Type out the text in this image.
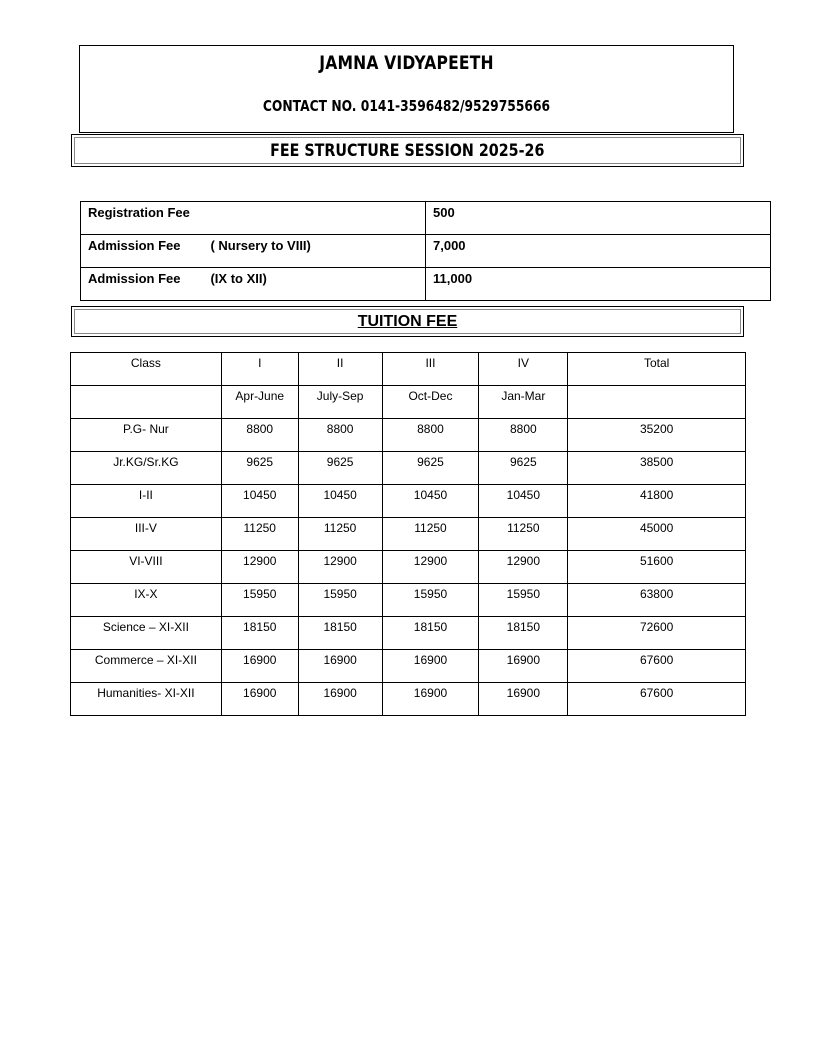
JAMNA VIDYAPEETH
CONTACT NO. 0141-3596482/9529755666
FEE STRUCTURE SESSION 2025-26
Registration Fee	500
Admission Fee ( Nursery to VIII)	7,000
Admission Fee (IX to XII)	11,000
TUITION FEE
Class	I	II	III	IV	Total
	Apr-June	July-Sep	Oct-Dec	Jan-Mar	
P.G- Nur	8800	8800	8800	8800	35200
Jr.KG/Sr.KG	9625	9625	9625	9625	38500
I-II	10450	10450	10450	10450	41800
III-V	11250	11250	11250	11250	45000
VI-VIII	12900	12900	12900	12900	51600
IX-X	15950	15950	15950	15950	63800
Science – XI-XII	18150	18150	18150	18150	72600
Commerce – XI-XII	16900	16900	16900	16900	67600
Humanities- XI-XII	16900	16900	16900	16900	67600
